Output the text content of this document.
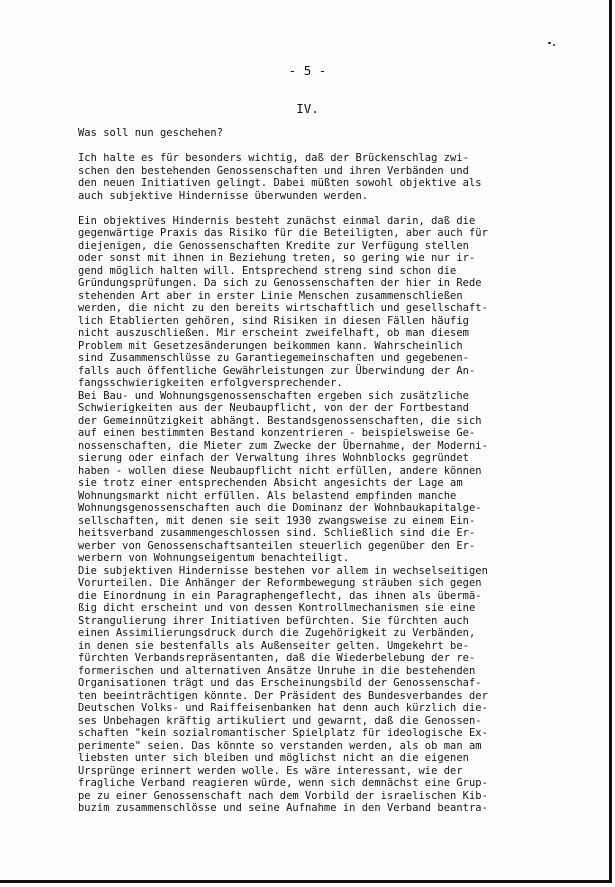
- 5 -
IV.
Was soll nun geschehen?
Ich halte es für besonders wichtig, daß der Brückenschlag zwi-
schen den bestehenden Genossenschaften und ihren Verbänden und
den neuen Initiativen gelingt. Dabei müßten sowohl objektive als
auch subjektive Hindernisse überwunden werden.
Ein objektives Hindernis besteht zunächst einmal darin, daß die
gegenwärtige Praxis das Risiko für die Beteiligten, aber auch für
diejenigen, die Genossenschaften Kredite zur Verfügung stellen
oder sonst mit ihnen in Beziehung treten, so gering wie nur ir-
gend möglich halten will. Entsprechend streng sind schon die
Gründungsprüfungen. Da sich zu Genossenschaften der hier in Rede
stehenden Art aber in erster Linie Menschen zusammenschließen
werden, die nicht zu den bereits wirtschaftlich und gesellschaft-
lich Etablierten gehören, sind Risiken in diesen Fällen häufig
nicht auszuschließen. Mir erscheint zweifelhaft, ob man diesem
Problem mit Gesetzesänderungen beikommen kann. Wahrscheinlich
sind Zusammenschlüsse zu Garantiegemeinschaften und gegebenen-
falls auch öffentliche Gewährleistungen zur Überwindung der An-
fangsschwierigkeiten erfolgversprechender.
Bei Bau- und Wohnungsgenossenschaften ergeben sich zusätzliche
Schwierigkeiten aus der Neubaupflicht, von der der Fortbestand
der Gemeinnützigkeit abhängt. Bestandsgenossenschaften, die sich
auf einen bestimmten Bestand konzentrieren - beispielsweise Ge-
nossenschaften, die Mieter zum Zwecke der Übernahme, der Moderni-
sierung oder einfach der Verwaltung ihres Wohnblocks gegründet
haben - wollen diese Neubaupflicht nicht erfüllen, andere können
sie trotz einer entsprechenden Absicht angesichts der Lage am
Wohnungsmarkt nicht erfüllen. Als belastend empfinden manche
Wohnungsgenossenschaften auch die Dominanz der Wohnbaukapitalge-
sellschaften, mit denen sie seit 1930 zwangsweise zu einem Ein-
heitsverband zusammengeschlossen sind. Schließlich sind die Er-
werber von Genossenschaftsanteilen steuerlich gegenüber den Er-
werbern von Wohnungseigentum benachteiligt.
Die subjektiven Hindernisse bestehen vor allem in wechselseitigen
Vorurteilen. Die Anhänger der Reformbewegung sträuben sich gegen
die Einordnung in ein Paragraphengeflecht, das ihnen als übermä-
ßig dicht erscheint und von dessen Kontrollmechanismen sie eine
Strangulierung ihrer Initiativen befürchten. Sie fürchten auch
einen Assimilierungsdruck durch die Zugehörigkeit zu Verbänden,
in denen sie bestenfalls als Außenseiter gelten. Umgekehrt be-
fürchten Verbandsrepräsentanten, daß die Wiederbelebung der re-
formerischen und alternativen Ansätze Unruhe in die bestehenden
Organisationen trägt und das Erscheinungsbild der Genossenschaf-
ten beeinträchtigen könnte. Der Präsident des Bundesverbandes der
Deutschen Volks- und Raiffeisenbanken hat denn auch kürzlich die-
ses Unbehagen kräftig artikuliert und gewarnt, daß die Genossen-
schaften "kein sozialromantischer Spielplatz für ideologische Ex-
perimente" seien. Das könnte so verstanden werden, als ob man am
liebsten unter sich bleiben und möglichst nicht an die eigenen
Ursprünge erinnert werden wolle. Es wäre interessant, wie der
fragliche Verband reagieren würde, wenn sich demnächst eine Grup-
pe zu einer Genossenschaft nach dem Vorbild der israelischen Kib-
buzim zusammenschlösse und seine Aufnahme in den Verband beantra-
